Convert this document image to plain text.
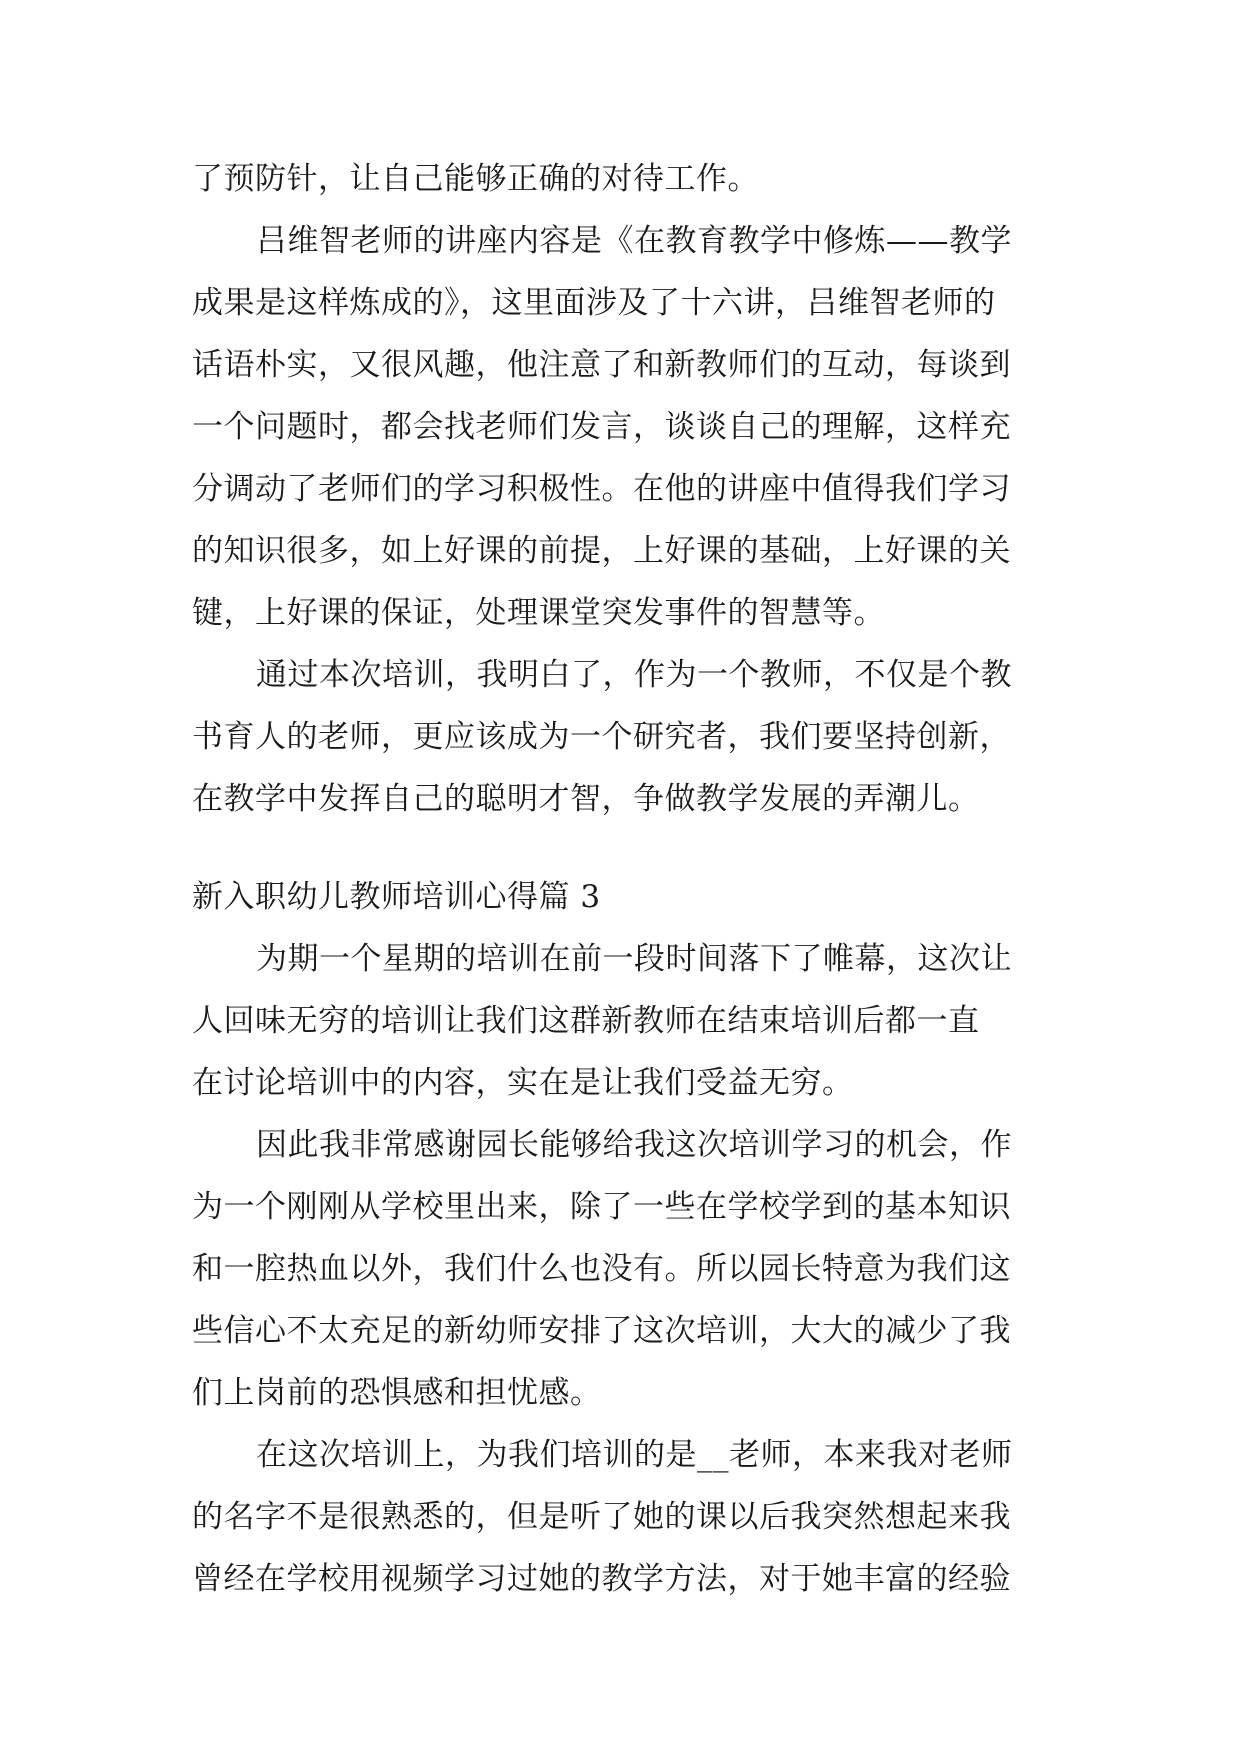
了预防针，让自己能够正确的对待工作。
吕维智老师的讲座内容是《在教育教学中修炼——教学
成果是这样炼成的》，这里面涉及了十六讲，吕维智老师的
话语朴实，又很风趣，他注意了和新教师们的互动，每谈到
一个问题时，都会找老师们发言，谈谈自己的理解，这样充
分调动了老师们的学习积极性。在他的讲座中值得我们学习
的知识很多，如上好课的前提，上好课的基础，上好课的关
键，上好课的保证，处理课堂突发事件的智慧等。
通过本次培训，我明白了，作为一个教师，不仅是个教
书育人的老师，更应该成为一个研究者，我们要坚持创新，
在教学中发挥自己的聪明才智，争做教学发展的弄潮儿。
新入职幼儿教师培训心得篇 3
为期一个星期的培训在前一段时间落下了帷幕，这次让
人回味无穷的培训让我们这群新教师在结束培训后都一直
在讨论培训中的内容，实在是让我们受益无穷。
因此我非常感谢园长能够给我这次培训学习的机会，作
为一个刚刚从学校里出来，除了一些在学校学到的基本知识
和一腔热血以外，我们什么也没有。所以园长特意为我们这
些信心不太充足的新幼师安排了这次培训，大大的减少了我
们上岗前的恐惧感和担忧感。
在这次培训上，为我们培训的是__老师，本来我对老师
的名字不是很熟悉的，但是听了她的课以后我突然想起来我
曾经在学校用视频学习过她的教学方法，对于她丰富的经验
